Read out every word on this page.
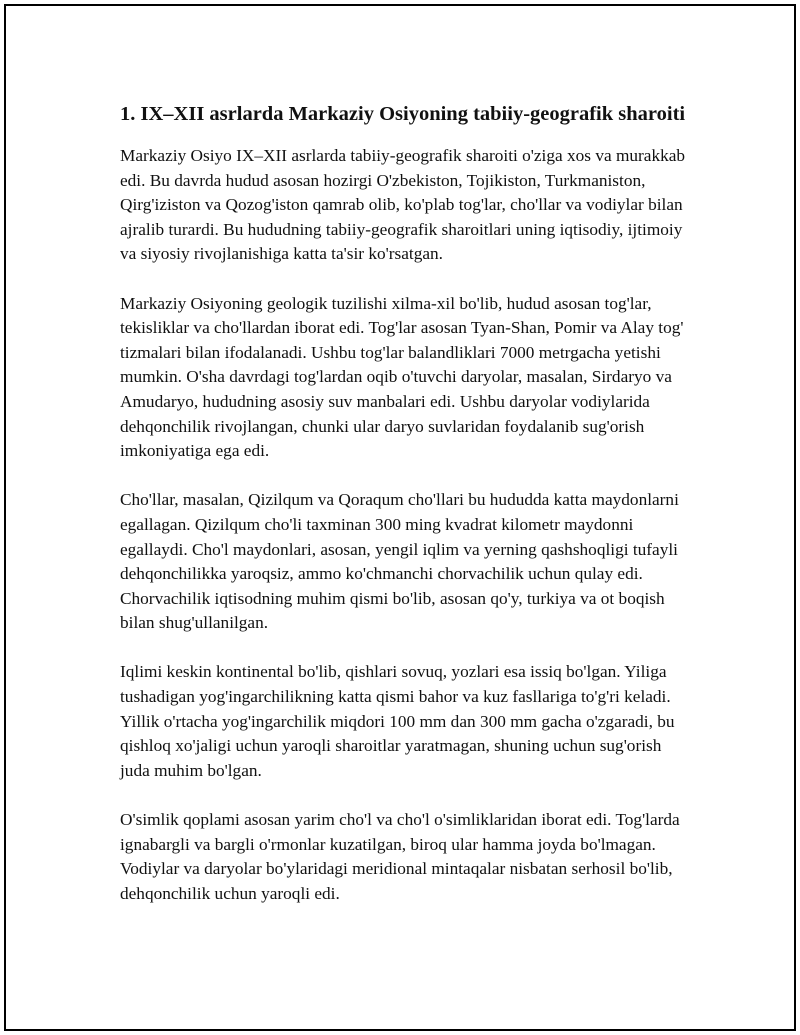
1. IX–XII asrlarda Markaziy Osiyoning tabiiy-geografik sharoiti

Markaziy Osiyo IX–XII asrlarda tabiiy-geografik sharoiti o'ziga xos va murakkab edi. Bu davrda hudud asosan hozirgi O'zbekiston, Tojikiston, Turkmaniston, Qirg'iziston va Qozog'iston qamrab olib, ko'plab tog'lar, cho'llar va vodiylar bilan ajralib turardi. Bu hududning tabiiy-geografik sharoitlari uning iqtisodiy, ijtimoiy va siyosiy rivojlanishiga katta ta'sir ko'rsatgan.

Markaziy Osiyoning geologik tuzilishi xilma-xil bo'lib, hudud asosan tog'lar, tekisliklar va cho'llardan iborat edi. Tog'lar asosan Tyan-Shan, Pomir va Alay tog' tizmalari bilan ifodalanadi. Ushbu tog'lar balandliklari 7000 metrgacha yetishi mumkin. O'sha davrdagi tog'lardan oqib o'tuvchi daryolar, masalan, Sirdaryo va Amudaryo, hududning asosiy suv manbalari edi. Ushbu daryolar vodiylarida dehqonchilik rivojlangan, chunki ular daryo suvlaridan foydalanib sug'orish imkoniyatiga ega edi.

Cho'llar, masalan, Qizilqum va Qoraqum cho'llari bu hududda katta maydonlarni egallagan. Qizilqum cho'li taxminan 300 ming kvadrat kilometr maydonni egallaydi. Cho'l maydonlari, asosan, yengil iqlim va yerning qashshoqligi tufayli dehqonchilikka yaroqsiz, ammo ko'chmanchi chorvachilik uchun qulay edi. Chorvachilik iqtisodning muhim qismi bo'lib, asosan qo'y, turkiya va ot boqish bilan shug'ullanilgan.

Iqlimi keskin kontinental bo'lib, qishlari sovuq, yozlari esa issiq bo'lgan. Yiliga tushadigan yog'ingarchilikning katta qismi bahor va kuz fasllariga to'g'ri keladi. Yillik o'rtacha yog'ingarchilik miqdori 100 mm dan 300 mm gacha o'zgaradi, bu qishloq xo'jaligi uchun yaroqli sharoitlar yaratmagan, shuning uchun sug'orish juda muhim bo'lgan.

O'simlik qoplami asosan yarim cho'l va cho'l o'simliklaridan iborat edi. Tog'larda ignabargli va bargli o'rmonlar kuzatilgan, biroq ular hamma joyda bo'lmagan. Vodiylar va daryolar bo'ylaridagi meridional mintaqalar nisbatan serhosil bo'lib, dehqonchilik uchun yaroqli edi.
